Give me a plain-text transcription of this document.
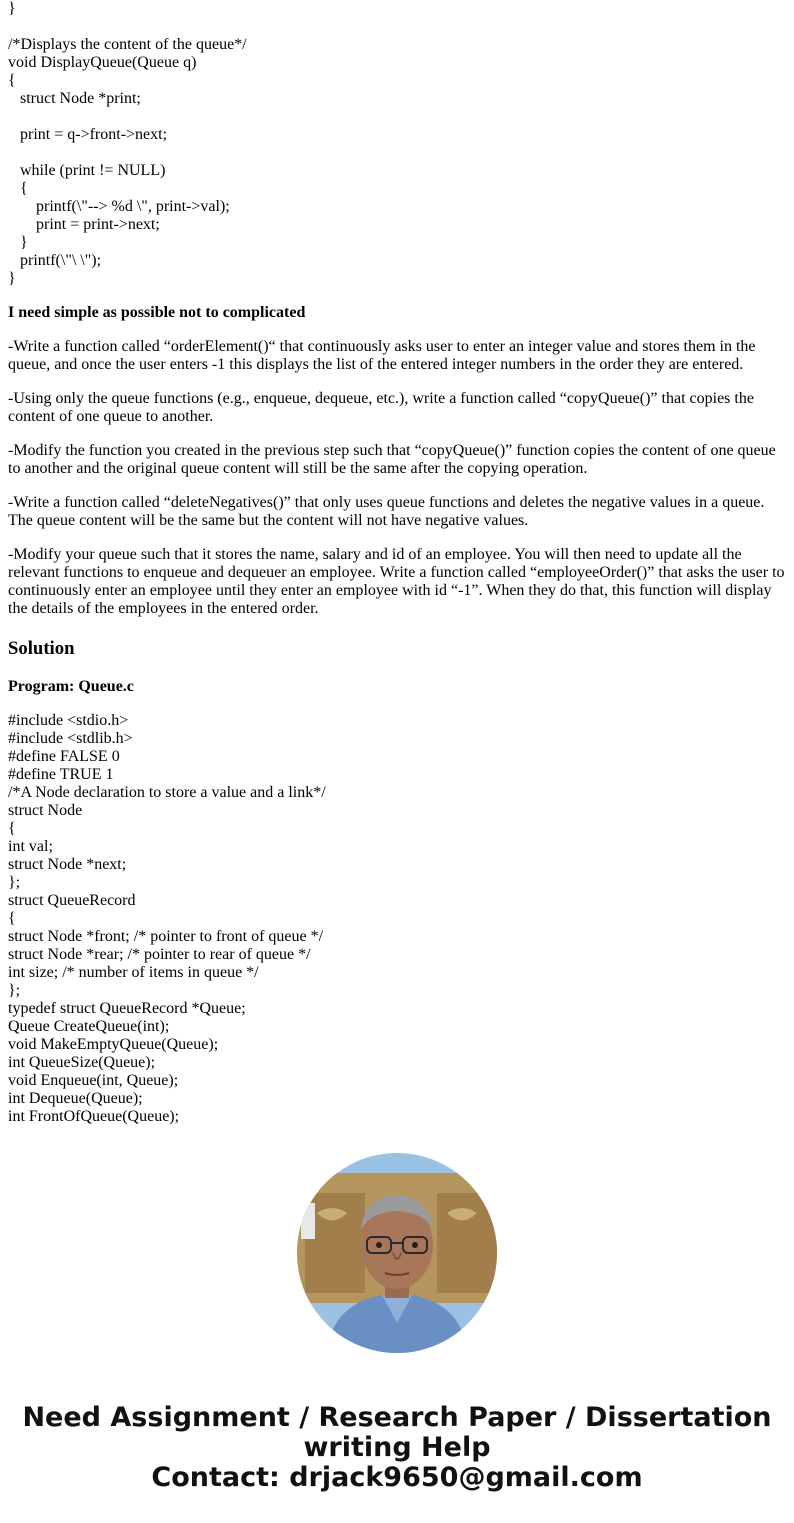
}
/*Displays the content of the queue*/
void DisplayQueue(Queue q)
{
struct Node *print;
print = q->front->next;
while (print != NULL)
{
printf(\"--> %d \", print->val);
print = print->next;
}
printf(\"\ \");
}
I need simple as possible not to complicated

-Write a function called “orderElement()“ that continuously asks user to enter an integer value and stores them in the queue, and once the user enters -1 this displays the list of the entered integer numbers in the order they are entered.

-Using only the queue functions (e.g., enqueue, dequeue, etc.), write a function called “copyQueue()” that copies the content of one queue to another.

-Modify the function you created in the previous step such that “copyQueue()” function copies the content of one queue to another and the original queue content will still be the same after the copying operation.

-Write a function called “deleteNegatives()” that only uses queue functions and deletes the negative values in a queue. The queue content will be the same but the content will not have negative values.

-Modify your queue such that it stores the name, salary and id of an employee. You will then need to update all the relevant functions to enqueue and dequeuer an employee. Write a function called “employeeOrder()” that asks the user to continuously enter an employee until they enter an employee with id “-1”. When they do that, this function will display the details of the employees in the entered order.

Solution
Program: Queue.c
#include <stdio.h>
#include <stdlib.h>
#define FALSE 0
#define TRUE 1
/*A Node declaration to store a value and a link*/
struct Node
{
int val;
struct Node *next;
};
struct QueueRecord
{
struct Node *front; /* pointer to front of queue */
struct Node *rear; /* pointer to rear of queue */
int size; /* number of items in queue */
};
typedef struct QueueRecord *Queue;
Queue CreateQueue(int);
void MakeEmptyQueue(Queue);
int QueueSize(Queue);
void Enqueue(int, Queue);
int Dequeue(Queue);
int FrontOfQueue(Queue);
Need Assignment / Research Paper / Dissertation
writing Help
Contact: drjack9650@gmail.com
